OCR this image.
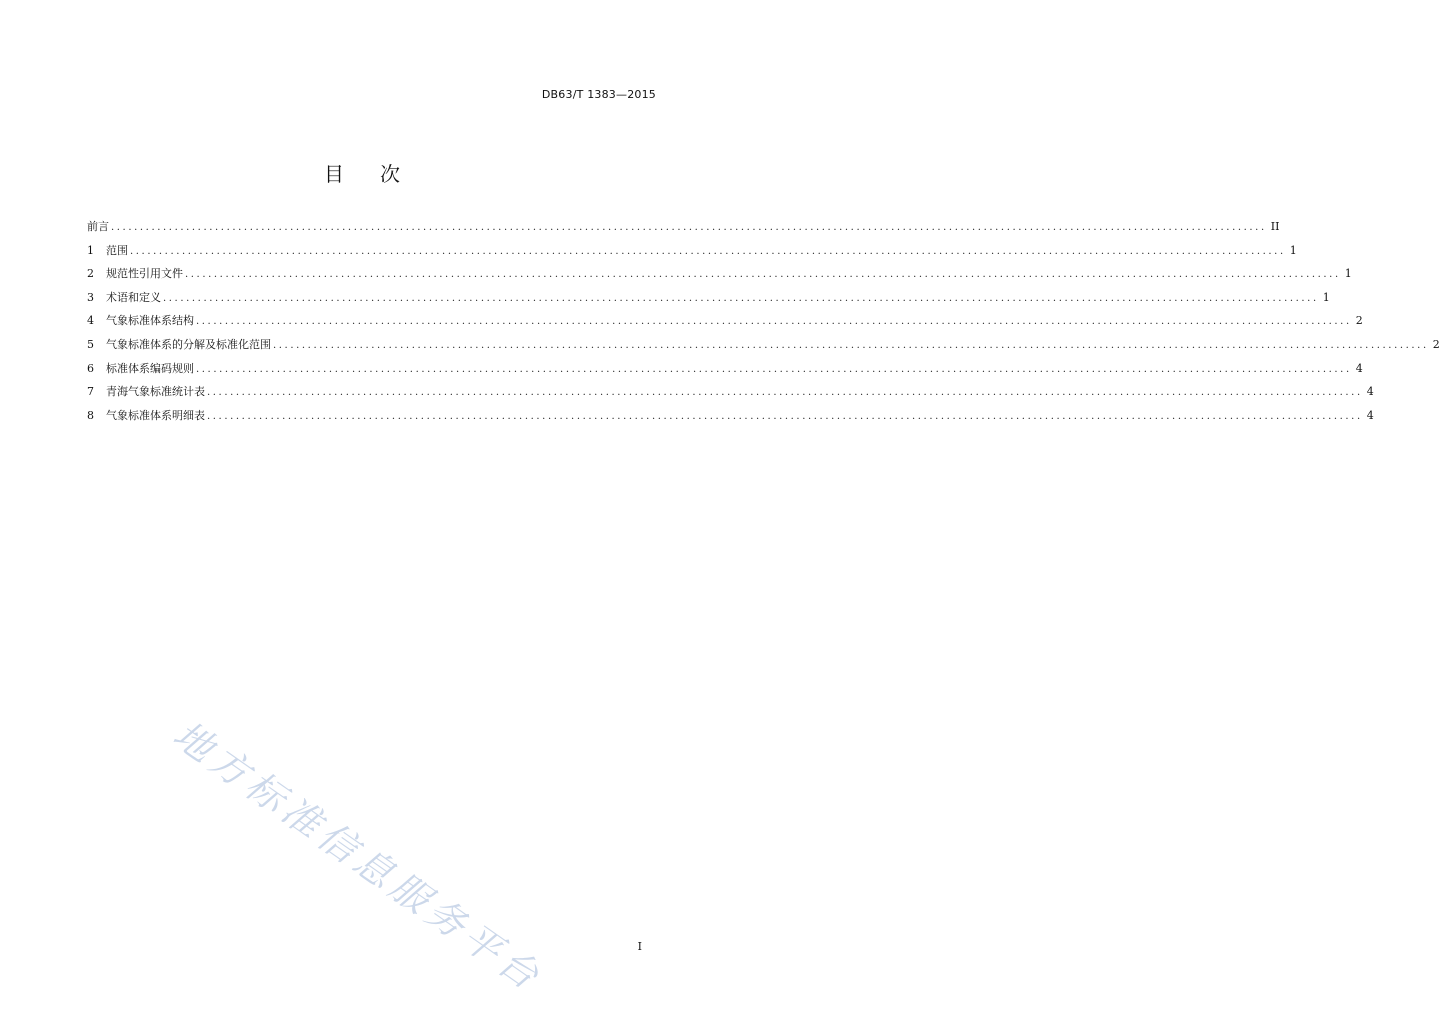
DB63/T 1383—2015
目 次
前言 ........................................................................................................................................................................................................ II
1	范围 ........................................................................................................................................................................................................ 1
2	规范性引用文件 ........................................................................................................................................................................................................ 1
3	术语和定义 ........................................................................................................................................................................................................ 1
4	气象标准体系结构 ........................................................................................................................................................................................................ 2
5	气象标准体系的分解及标准化范围 ........................................................................................................................................................................................................ 2
6	标准体系编码规则 ........................................................................................................................................................................................................ 4
7	青海气象标准统计表 ........................................................................................................................................................................................................ 4
8	气象标准体系明细表 ........................................................................................................................................................................................................ 4
地方标准信息服务平台	I
